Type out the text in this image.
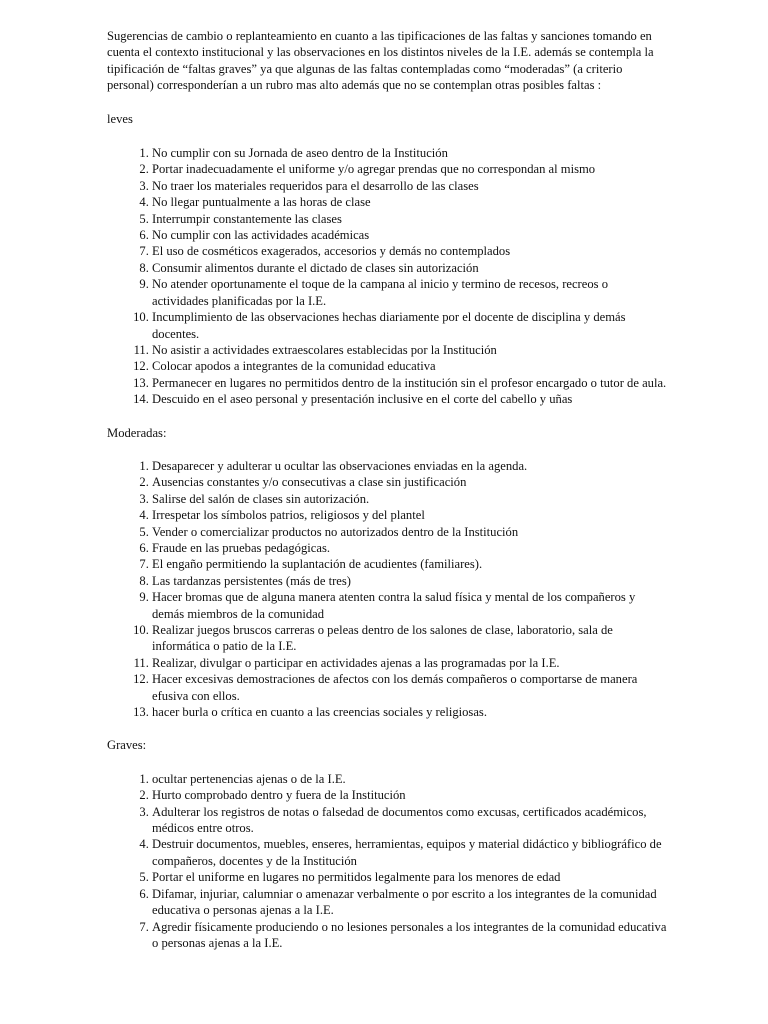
Sugerencias de cambio o replanteamiento en cuanto a las tipificaciones de las faltas y sanciones tomando en cuenta el contexto institucional y las observaciones en los distintos niveles de la I.E. además se contempla la tipificación de “faltas graves” ya que algunas de las faltas contempladas como “moderadas” (a criterio personal) corresponderían a un rubro mas alto además que no se contemplan otras posibles faltas :

leves

1. No cumplir con su Jornada de aseo dentro de la Institución
2. Portar inadecuadamente el uniforme y/o agregar prendas que no correspondan al mismo
3. No traer los materiales requeridos para el desarrollo de las clases
4. No llegar puntualmente a las horas de clase
5. Interrumpir constantemente las clases
6. No cumplir con las actividades académicas
7. El uso de cosméticos exagerados, accesorios y demás no contemplados
8. Consumir alimentos durante el dictado de clases sin autorización
9. No atender oportunamente el toque de la campana al inicio y termino de recesos, recreos o actividades planificadas por la I.E.
10. Incumplimiento de las observaciones hechas diariamente por el docente de disciplina y demás docentes.
11. No asistir a actividades extraescolares establecidas por la Institución
12. Colocar apodos a integrantes de la comunidad educativa
13. Permanecer en lugares no permitidos dentro de la institución sin el profesor encargado o tutor de aula.
14. Descuido en el aseo personal y presentación inclusive en el corte del cabello y uñas

Moderadas:

1. Desaparecer y adulterar u ocultar las observaciones enviadas en la agenda.
2. Ausencias constantes y/o consecutivas a clase sin justificación
3. Salirse del salón de clases sin autorización.
4. Irrespetar los símbolos patrios, religiosos y del plantel
5. Vender o comercializar productos no autorizados dentro de la Institución
6. Fraude en las pruebas pedagógicas.
7. El engaño permitiendo la suplantación de acudientes (familiares).
8. Las tardanzas persistentes (más de tres)
9. Hacer bromas que de alguna manera atenten contra la salud física y mental de los compañeros y demás miembros de la comunidad
10. Realizar juegos bruscos carreras o peleas dentro de los salones de clase, laboratorio, sala de informática o patio de la I.E.
11. Realizar, divulgar o participar en actividades ajenas a las programadas por la I.E.
12. Hacer excesivas demostraciones de afectos con los demás compañeros o comportarse de manera efusiva con ellos.
13. hacer burla o crítica en cuanto a las creencias sociales y religiosas.

Graves:

1. ocultar pertenencias ajenas o de la I.E.
2. Hurto comprobado dentro y fuera de la Institución
3. Adulterar los registros de notas o falsedad de documentos como excusas, certificados académicos, médicos entre otros.
4. Destruir documentos, muebles, enseres, herramientas, equipos y material didáctico y bibliográfico de compañeros, docentes y de la Institución
5. Portar el uniforme en lugares no permitidos legalmente para los menores de edad
6. Difamar, injuriar, calumniar o amenazar verbalmente o por escrito a los integrantes de la comunidad educativa o personas ajenas a la I.E.
7. Agredir físicamente produciendo o no lesiones personales a los integrantes de la comunidad educativa o personas ajenas a la I.E.
